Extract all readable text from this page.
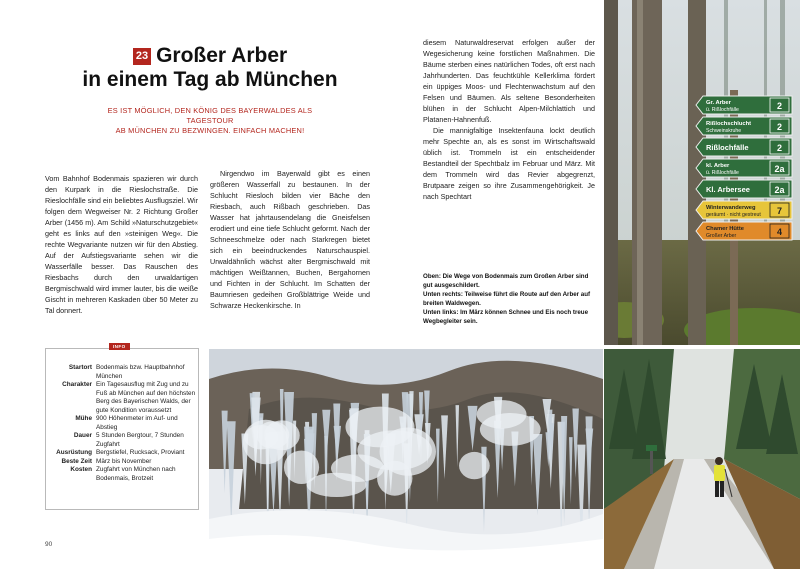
23 Großer Arber
in einem Tag ab München
ES IST MÖGLICH, DEN KÖNIG DES BAYERWALDES ALS TAGESTOUR
AB MÜNCHEN ZU BEZWINGEN. EINFACH MACHEN!

Vom Bahnhof Bodenmais spazieren wir durch den Kurpark in die Rieslochstraße. Die Rieslochfälle sind ein beliebtes Ausflugsziel. Wir folgen dem Wegweiser Nr. 2 Richtung Großer Arber (1456 m). Am Schild »Naturschutzgebiet« geht es links auf den »steinigen Weg«. Die rechte Wegvariante nutzen wir für den Abstieg. Auf der Aufstiegsvariante sehen wir die Wasserfälle besser. Das Rauschen des Riesbachs durch den urwaldartigen Bergmischwald wird immer lauter, bis die weiße Gischt in mehreren Kaskaden über 50 Meter zu Tal donnert.

Nirgendwo im Bayerwald gibt es einen größeren Wasserfall zu bestaunen. In der Schlucht Riesloch bilden vier Bäche den Riesbach, auch Rißbach geschrieben. Das Wasser hat jahrtausendelang die Gneisfelsen erodiert und eine tiefe Schlucht geformt. Nach der Schneeschmelze oder nach Starkregen bietet sich ein beeindruckendes Naturschauspiel. Urwaldähnlich wächst alter Bergmischwald mit mächtigen Weißtannen, Buchen, Bergahornen und Fichten in der Schlucht. Im Schatten der Baumriesen gedeihen Großblättrige Weide und Schwarze Heckenkirsche. In

diesem Naturwaldreservat erfolgen außer der Wegesicherung keine forstlichen Maßnahmen. Die Bäume sterben eines natürlichen Todes, oft erst nach Jahrhunderten. Das feuchtkühle Kellerklima fördert ein üppiges Moos- und Flechtenwachstum auf den Felsen und Bäumen. Als seltene Besonderheiten blühen in der Schlucht Alpen-Milchlattich und Platanen-Hahnenfuß.

Die mannigfaltige Insektenfauna lockt deutlich mehr Spechte an, als es sonst im Wirtschaftswald üblich ist. Trommeln ist ein entscheidender Bestandteil der Spechtbalz im Februar und März. Mit dem Trommeln wird das Revier abgegrenzt, Brutpaare zeigen so ihre Zusammengehörigkeit. Je nach Spechtart

Oben: Die Wege von Bodenmais zum Großen Arber sind gut ausgeschildert.
Unten rechts: Teilweise führt die Route auf den Arber auf breiten Waldwegen.
Unten links: Im März können Schnee und Eis noch treue Wegbegleiter sein.
Startort Bodenmais bzw. Hauptbahnhof München
Charakter Ein Tagesausflug mit Zug und zu Fuß ab München auf den höchsten Berg des Bayerischen Walds, der gute Kondition voraussetzt
Mühe 900 Höhenmeter im Auf- und Abstieg
Dauer 5 Stunden Bergtour, 7 Stunden Zugfahrt
Ausrüstung Bergstiefel, Rucksack, Proviant
Beste Zeit März bis November
Kosten Zugfahrt von München nach Bodenmais, Brotzeit
INFO
90
Gr. Arber
ü. Rißlochfälle	2
Rißlochschlucht
Schweinskruhe	2
Rißlochfälle	2
kl. Arber
ü. Rißlochfälle	2a
Kl. Arbersee	2a
Winterwanderweg
geräumt · nicht gestreut 7
Chamer Hütte
Großer Arber	4
